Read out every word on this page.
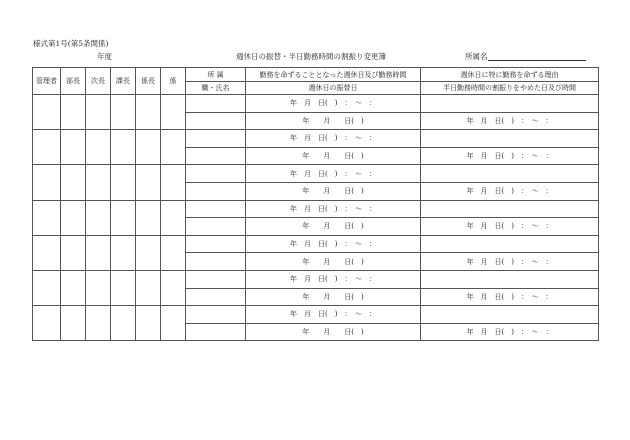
様式第1号(第5条関係)
年度	週休日の振替・半日勤務時間の割振り変更簿	所属名
管理者	部長	次長	課長	係長	係	所 属	勤務を命ずることとなった週休日及び勤務時間	週休日に特に勤務を命ずる理由
						職・氏名	週休日の振替日	半日勤務時間の割振りをやめた日及び時間
							年　月　日(　)　：　〜　：	
							年　　月　　日(　)	年　月　日(　)　：　〜　：
							年　月　日(　)　：　〜　：	
							年　　月　　日(　)	年　月　日(　)　：　〜　：
							年　月　日(　)　：　〜　：	
							年　　月　　日(　)	年　月　日(　)　：　〜　：
							年　月　日(　)　：　〜　：	
							年　　月　　日(　)	年　月　日(　)　：　〜　：
							年　月　日(　)　：　〜　：	
							年　　月　　日(　)	年　月　日(　)　：　〜　：
							年　月　日(　)　：　〜　：	
							年　　月　　日(　)	年　月　日(　)　：　〜　：
							年　月　日(　)　：　〜　：	
							年　　月　　日(　)	年　月　日(　)　：　〜　：
